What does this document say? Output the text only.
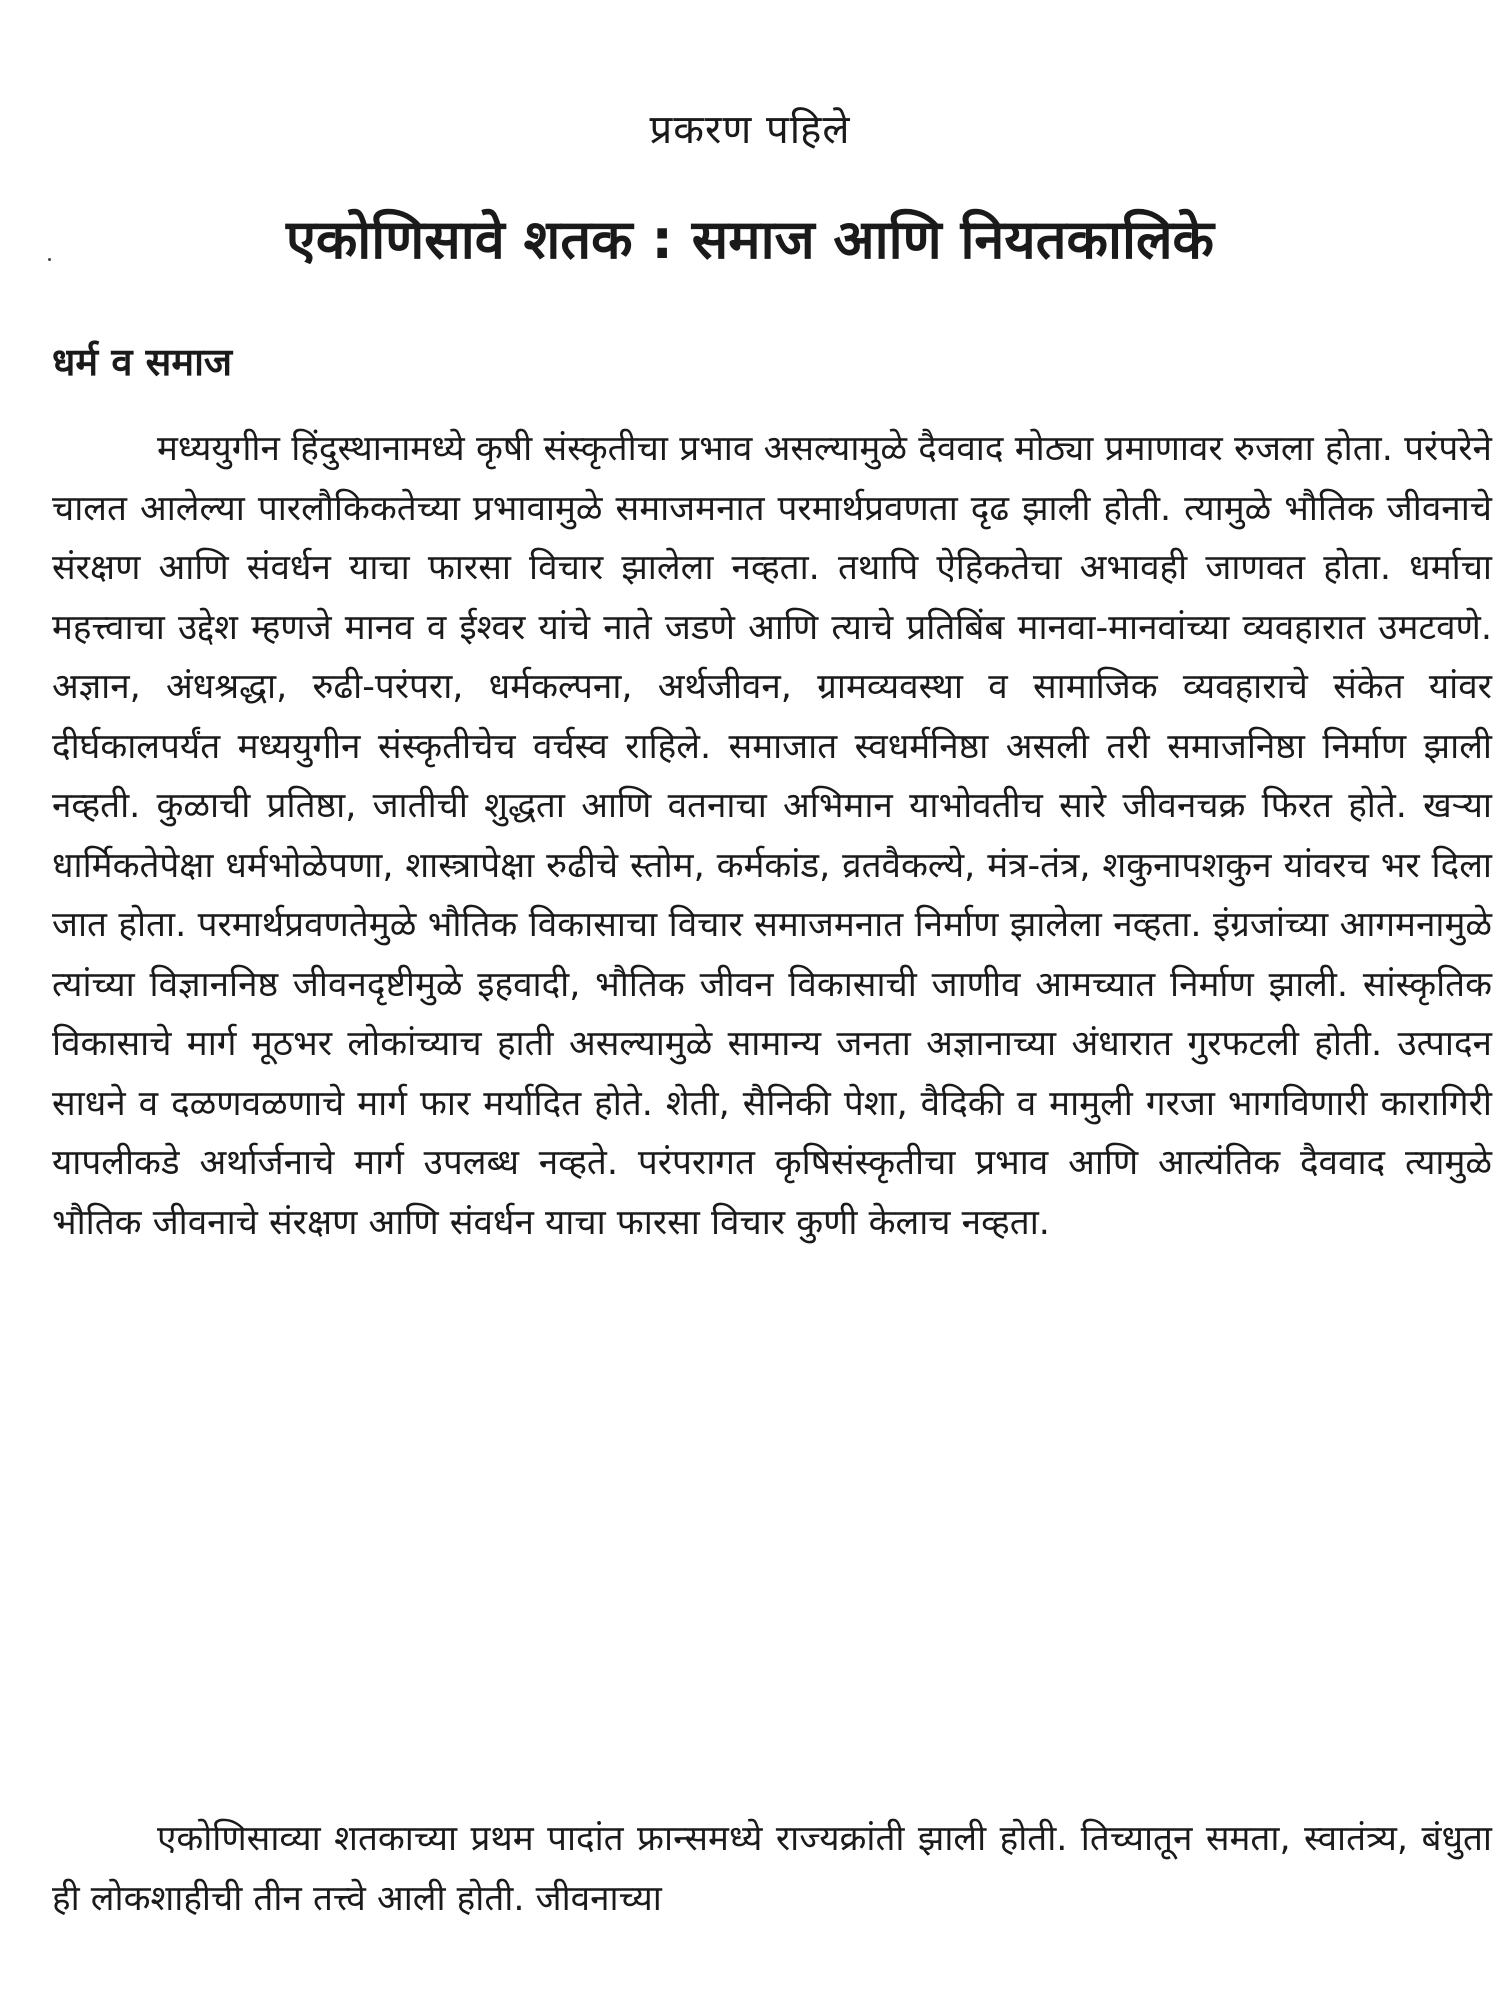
प्रकरण पहिले
एकोणिसावे शतक : समाज आणि नियतकालिके
धर्म व समाज
मध्ययुगीन हिंदुस्थानामध्ये कृषी संस्कृतीचा प्रभाव असल्यामुळे दैववाद मोठ्या प्रमाणावर रुजला होता. परंपरेने चालत आलेल्या पारलौकिकतेच्या प्रभावामुळे समाजमनात परमार्थप्रवणता दृढ झाली होती. त्यामुळे भौतिक जीवनाचे संरक्षण आणि संवर्धन याचा फारसा विचार झालेला नव्हता. तथापि ऐहिकतेचा अभावही जाणवत होता. धर्माचा महत्त्वाचा उद्देश म्हणजे मानव व ईश्वर यांचे नाते जडणे आणि त्याचे प्रतिबिंब मानवा-मानवांच्या व्यवहारात उमटवणे. अज्ञान, अंधश्रद्धा, रुढी-परंपरा, धर्मकल्पना, अर्थजीवन, ग्रामव्यवस्था व सामाजिक व्यवहाराचे संकेत यांवर दीर्घकालपर्यंत मध्ययुगीन संस्कृतीचेच वर्चस्व राहिले. समाजात स्वधर्मनिष्ठा असली तरी समाजनिष्ठा निर्माण झाली नव्हती. कुळाची प्रतिष्ठा, जातीची शुद्धता आणि वतनाचा अभिमान याभोवतीच सारे जीवनचक्र फिरत होते. खऱ्या धार्मिकतेपेक्षा धर्मभोळेपणा, शास्त्रापेक्षा रुढीचे स्तोम, कर्मकांड, व्रतवैकल्ये, मंत्र-तंत्र, शकुनापशकुन यांवरच भर दिला जात होता. परमार्थप्रवणतेमुळे भौतिक विकासाचा विचार समाजमनात निर्माण झालेला नव्हता. इंग्रजांच्या आगमनामुळे त्यांच्या विज्ञाननिष्ठ जीवनदृष्टीमुळे इहवादी, भौतिक जीवन विकासाची जाणीव आमच्यात निर्माण झाली. सांस्कृतिक विकासाचे मार्ग मूठभर लोकांच्याच हाती असल्यामुळे सामान्य जनता अज्ञानाच्या अंधारात गुरफटली होती. उत्पादन साधने व दळणवळणाचे मार्ग फार मर्यादित होते. शेती, सैनिकी पेशा, वैदिकी व मामुली गरजा भागविणारी कारागिरी यापलीकडे अर्थार्जनाचे मार्ग उपलब्ध नव्हते. परंपरागत कृषिसंस्कृतीचा प्रभाव आणि आत्यंतिक दैववाद त्यामुळे भौतिक जीवनाचे संरक्षण आणि संवर्धन याचा फारसा विचार कुणी केलाच नव्हता.
एकोणिसाव्या शतकाच्या प्रथम पादांत फ्रान्समध्ये राज्यक्रांती झाली होती. तिच्यातून समता, स्वातंत्र्य, बंधुता ही लोकशाहीची तीन तत्त्वे आली होती. जीवनाच्या
